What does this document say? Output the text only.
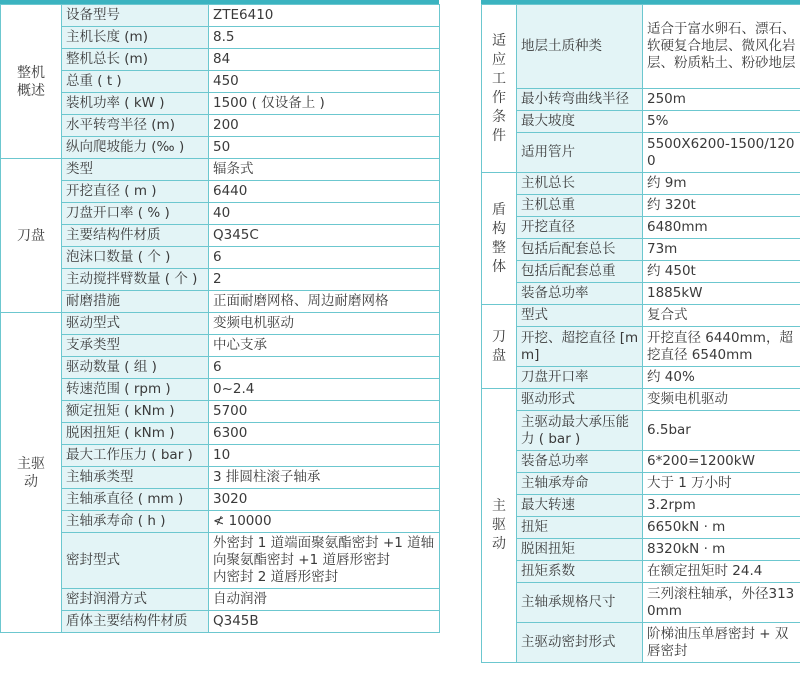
整机概述	设备型号	ZTE6410
	主机长度 (m)	8.5
	整机总长 (m)	84
	总重 ( t )	450
	装机功率 ( kW )	1500 ( 仅设备上 )
	水平转弯半径 (m)	200
	纵向爬坡能力 (‰ )	50

刀盘	类型	辐条式
	开挖直径 ( m )	6440
	刀盘开口率 ( % )	40
	主要结构件材质	Q345C
	泡沫口数量 ( 个 )	6
	主动搅拌臂数量 ( 个 )	2
	耐磨措施	正面耐磨网格、周边耐磨网格

主驱动	驱动型式	变频电机驱动
	支承类型	中心支承
	驱动数量 ( 组 )	6
	转速范围 ( rpm )	0~2.4
	额定扭矩 ( kNm )	5700
	脱困扭矩 ( kNm )	6300
	最大工作压力 ( bar )	10
	主轴承类型	3 排圆柱滚子轴承
	主轴承直径 ( mm )	3020
	主轴承寿命 ( h )	≮ 10000
	密封型式	外密封 1 道端面聚氨酯密封 +1 道轴向聚氨酯密封 +1 道唇形密封
内密封 2 道唇形密封
	密封润滑方式	自动润滑
	盾体主要结构件材质	Q345B
适应工作条件	地层土质种类	适合于富水卵石、漂石、软硬复合地层、微风化岩层、粉质粘土、粉砂地层
	最小转弯曲线半径	250m
	最大坡度	5%
	适用管片	5500X6200-1500/1200

盾构整体	主机总长	约 9m
	主机总重	约 320t
	开挖直径	6480mm
	包括后配套总长	73m
	包括后配套总重	约 450t
	装备总功率	1885kW

刀盘	型式	复合式
	开挖、超挖直径 [mm]	开挖直径 6440mm，超挖直径 6540mm
	刀盘开口率	约 40%

主驱动	驱动形式	变频电机驱动
	主驱动最大承压能力 ( bar )	6.5bar
	装备总功率	6*200=1200kW
	主轴承寿命	大于 1 万小时
	最大转速	3.2rpm
	扭矩	6650kN · m
	脱困扭矩	8320kN · m
	扭矩系数	在额定扭矩时 24.4
	主轴承规格尺寸	三列滚柱轴承，外径3130mm
	主驱动密封形式	阶梯油压单唇密封 + 双唇密封
